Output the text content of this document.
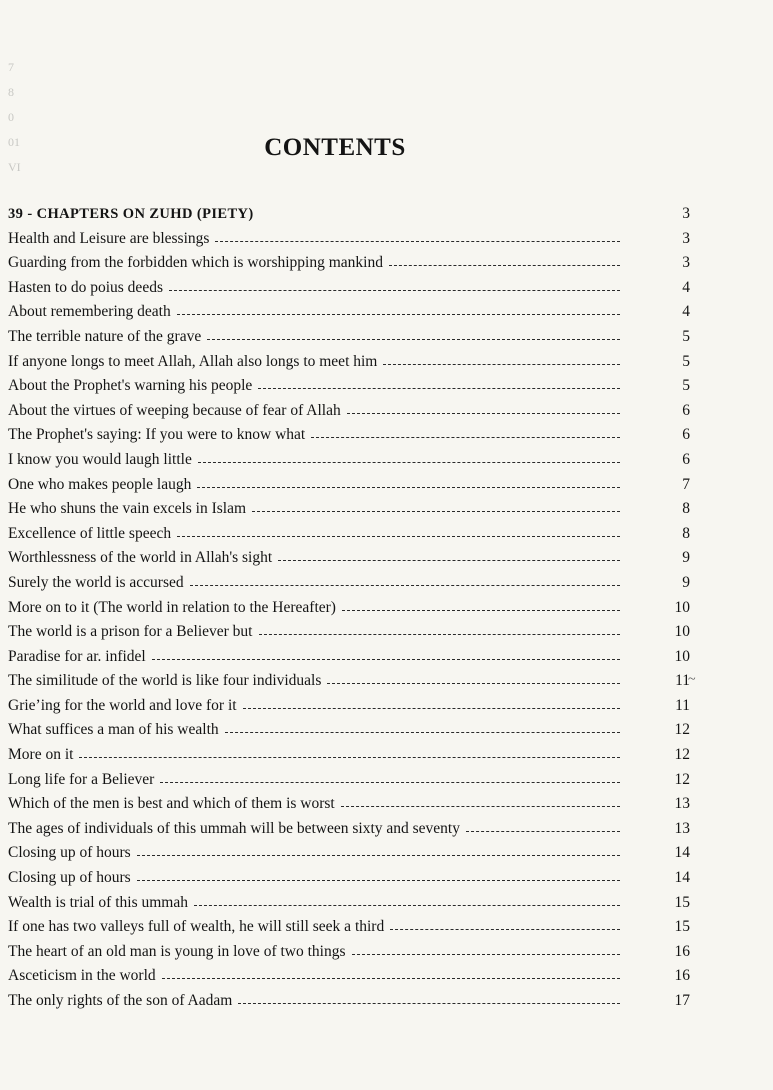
7
8
0
01
VI
CONTENTS
39 - CHAPTERS ON ZUHD (PIETY)	3
Health and Leisure are blessings	3
Guarding from the forbidden which is worshipping mankind	3
Hasten to do poius deeds	4
About remembering death	4
The terrible nature of the grave	5
If anyone longs to meet Allah, Allah also longs to meet him	5
About the Prophet's warning his people	5
About the virtues of weeping because of fear of Allah	6
The Prophet's saying: If you were to know what	6
I know you would laugh little	6
One who makes people laugh	7
He who shuns the vain excels in Islam	8
Excellence of little speech	8
Worthlessness of the world in Allah's sight	9
Surely the world is accursed	9
More on to it (The world in relation to the Hereafter)	10
The world is a prison for a Believer but	10
Paradise for ar. infidel	10
The similitude of the world is like four individuals	11
Grie’ing for the world and love for it	11
What suffices a man of his wealth	12
More on it	12
Long life for a Believer	12
Which of the men is best and which of them is worst	13
The ages of individuals of this ummah will be between sixty and seventy	13
Closing up of hours	14
Closing up of hours	14
Wealth is trial of this ummah	15
If one has two valleys full of wealth, he will still seek a third	15
The heart of an old man is young in love of two things	16
Asceticism in the world	16
The only rights of the son of Aadam	17
~
